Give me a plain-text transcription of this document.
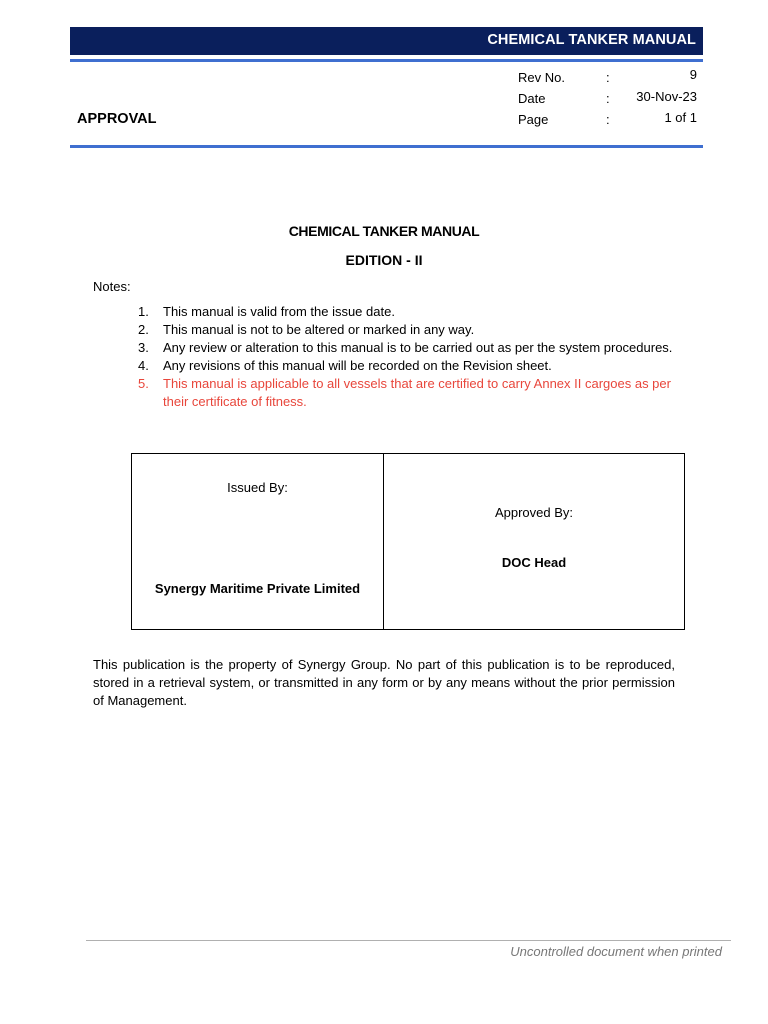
CHEMICAL TANKER MANUAL
APPROVAL
Rev No.	:	9
Date	: 30-Nov-23
Page	:	1 of 1
CHEMICAL TANKER MANUAL
EDITION - II
Notes:
1. This manual is valid from the issue date.
2. This manual is not to be altered or marked in any way.
3. Any review or alteration to this manual is to be carried out as per the system procedures.
4. Any revisions of this manual will be recorded on the Revision sheet.
5. This manual is applicable to all vessels that are certified to carry Annex II cargoes as per their certificate of fitness.
Issued By:
Synergy Maritime Private Limited
Approved By:
DOC Head

This publication is the property of Synergy Group. No part of this publication is to be reproduced, stored in a retrieval system, or transmitted in any form or by any means without the prior permission of Management.

Uncontrolled document when printed
